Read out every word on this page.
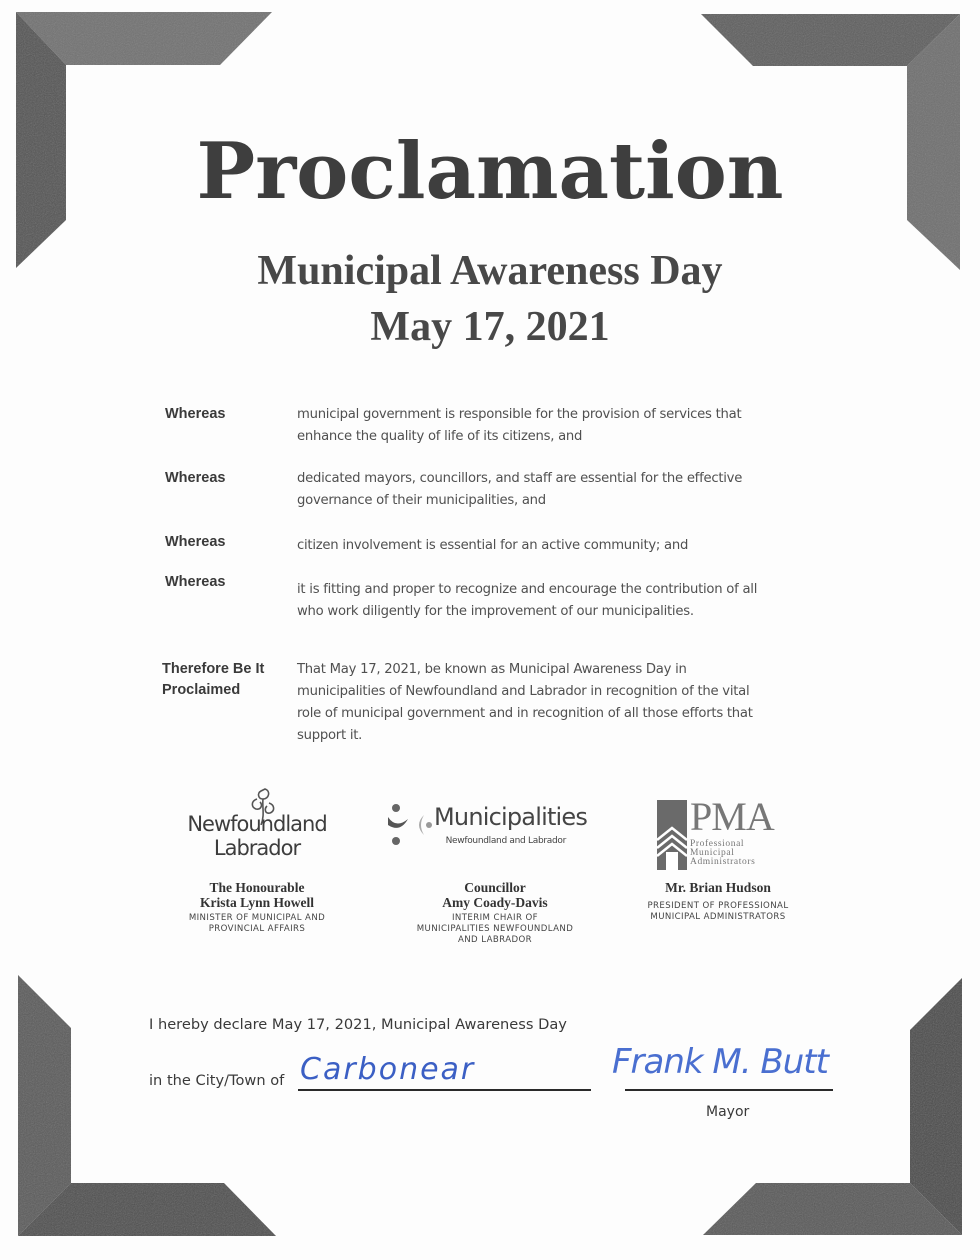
Proclamation
Municipal Awareness Day
May 17, 2021
Whereas	municipal government is responsible for the provision of services that
enhance the quality of life of its citizens, and
Whereas	dedicated mayors, councillors, and staff are essential for the effective
governance of their municipalities, and
Whereas	citizen involvement is essential for an active community; and
Whereas	it is fitting and proper to recognize and encourage the contribution of all
who work diligently for the improvement of our municipalities.
Therefore Be It
Proclaimed
That May 17, 2021, be known as Municipal Awareness Day in
municipalities of Newfoundland and Labrador in recognition of the vital
role of municipal government and in recognition of all those efforts that
support it.
Newfoundland
Labrador
The Honourable
Krista Lynn Howell
MINISTER OF MUNICIPAL AND
PROVINCIAL AFFAIRS
Municipalities
Newfoundland and Labrador
Councillor
Amy Coady-Davis
INTERIM CHAIR OF
MUNICIPALITIES NEWFOUNDLAND
AND LABRADOR
PMA
Professional
Municipal
Administrators
Mr. Brian Hudson
PRESIDENT OF PROFESSIONAL
MUNICIPAL ADMINISTRATORS
I hereby declare May 17, 2021, Municipal Awareness Day
in the City/Town of Carbonear	Frank M. Butt
Mayor
